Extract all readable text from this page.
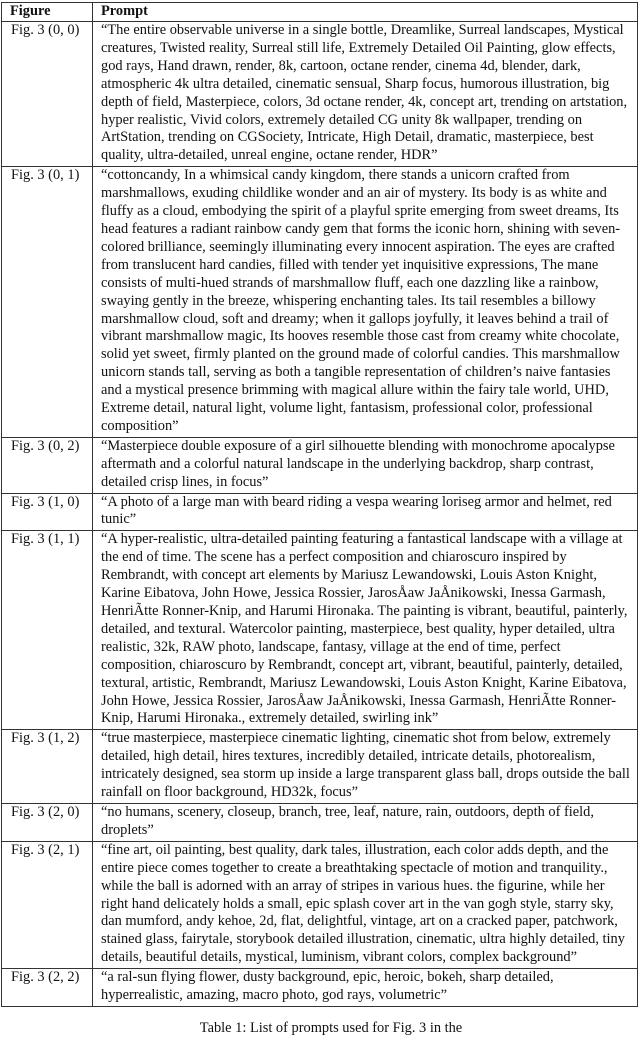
Figure	Prompt
Fig. 3 (0, 0)	“The entire observable universe in a single bottle, Dreamlike, Surreal landscapes, Mystical creatures, Twisted reality, Surreal still life, Extremely Detailed Oil Painting, glow effects, god rays, Hand drawn, render, 8k, cartoon, octane render, cinema 4d, blender, dark, atmospheric 4k ultra detailed, cinematic sensual, Sharp focus, humorous illustration, big depth of field, Masterpiece, colors, 3d octane render, 4k, concept art, trending on artstation, hyper realistic, Vivid colors, extremely detailed CG unity 8k wallpaper, trending on ArtStation, trending on CGSociety, Intricate, High Detail, dramatic, masterpiece, best quality, ultra-detailed, unreal engine, octane render, HDR”
Fig. 3 (0, 1)	“cottoncandy, In a whimsical candy kingdom, there stands a unicorn crafted from marshmallows, exuding childlike wonder and an air of mystery. Its body is as white and fluffy as a cloud, embodying the spirit of a playful sprite emerging from sweet dreams, Its head features a radiant rainbow candy gem that forms the iconic horn, shining with seven-colored brilliance, seemingly illuminating every innocent aspiration. The eyes are crafted from translucent hard candies, filled with tender yet inquisitive expressions, The mane consists of multi-hued strands of marshmallow fluff, each one dazzling like a rainbow, swaying gently in the breeze, whispering enchanting tales. Its tail resembles a billowy marshmallow cloud, soft and dreamy; when it gallops joyfully, it leaves behind a trail of vibrant marshmallow magic, Its hooves resemble those cast from creamy white chocolate, solid yet sweet, firmly planted on the ground made of colorful candies. This marshmallow unicorn stands tall, serving as both a tangible representation of children’s naive fantasies and a mystical presence brimming with magical allure within the fairy tale world, UHD, Extreme detail, natural light, volume light, fantasism, professional color, professional composition”
Fig. 3 (0, 2)	“Masterpiece double exposure of a girl silhouette blending with monochrome apocalypse aftermath and a colorful natural landscape in the underlying backdrop, sharp contrast, detailed crisp lines, in focus”
Fig. 3 (1, 0)	“A photo of a large man with beard riding a vespa wearing loriseg armor and helmet, red tunic”
Fig. 3 (1, 1)	“A hyper-realistic, ultra-detailed painting featuring a fantastical landscape with a village at the end of time. The scene has a perfect composition and chiaroscuro inspired by Rembrandt, with concept art elements by Mariusz Lewandowski, Louis Aston Knight, Karine Eibatova, John Howe, Jessica Rossier, JarosÅaw JaÅnikowski, Inessa Garmash, HenriÃtte Ronner-Knip, and Harumi Hironaka. The painting is vibrant, beautiful, painterly, detailed, and textural. Watercolor painting, masterpiece, best quality, hyper detailed, ultra realistic, 32k, RAW photo, landscape, fantasy, village at the end of time, perfect composition, chiaroscuro by Rembrandt, concept art, vibrant, beautiful, painterly, detailed, textural, artistic, Rembrandt, Mariusz Lewandowski, Louis Aston Knight, Karine Eibatova, John Howe, Jessica Rossier, JarosÅaw JaÅnikowski, Inessa Garmash, HenriÃtte Ronner-Knip, Harumi Hironaka., extremely detailed, swirling ink”
Fig. 3 (1, 2)	“true masterpiece, masterpiece cinematic lighting, cinematic shot from below, extremely detailed, high detail, hires textures, incredibly detailed, intricate details, photorealism, intricately designed, sea storm up inside a large transparent glass ball, drops outside the ball rainfall on floor background, HD32k, focus”
Fig. 3 (2, 0)	“no humans, scenery, closeup, branch, tree, leaf, nature, rain, outdoors, depth of field, droplets”
Fig. 3 (2, 1)	“fine art, oil painting, best quality, dark tales, illustration, each color adds depth, and the entire piece comes together to create a breathtaking spectacle of motion and tranquility., while the ball is adorned with an array of stripes in various hues. the figurine, while her right hand delicately holds a small, epic splash cover art in the van gogh style, starry sky, dan mumford, andy kehoe, 2d, flat, delightful, vintage, art on a cracked paper, patchwork, stained glass, fairytale, storybook detailed illustration, cinematic, ultra highly detailed, tiny details, beautiful details, mystical, luminism, vibrant colors, complex background”
Fig. 3 (2, 2)	“a ral-sun flying flower, dusty background, epic, heroic, bokeh, sharp detailed, hyperrealistic, amazing, macro photo, god rays, volumetric”
Table 1: List of prompts used for Fig. 3 in the
